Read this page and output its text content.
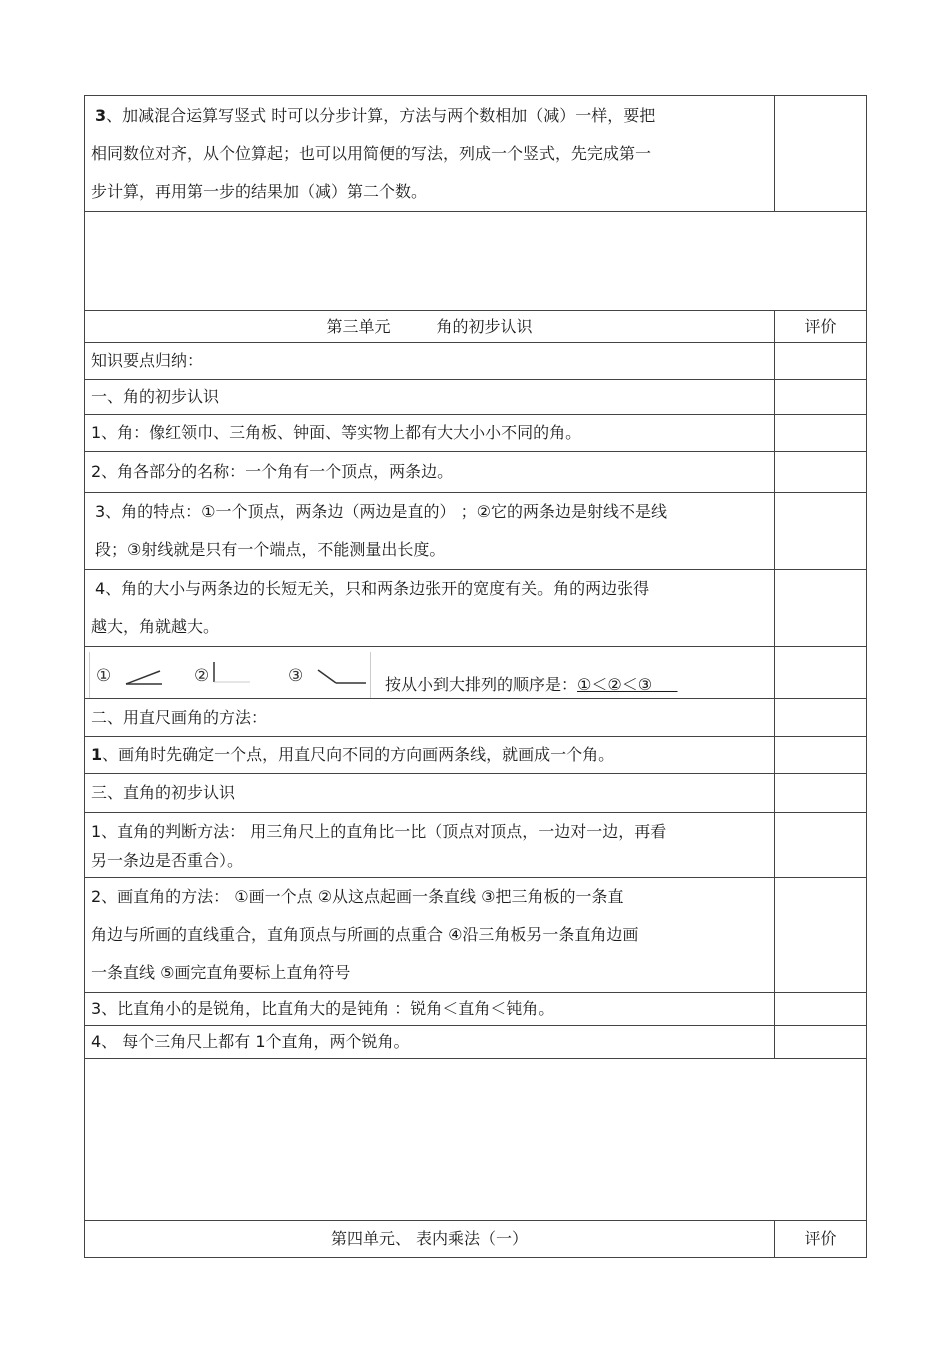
3、加减混合运算写竖式 时可以分步计算，方法与两个数相加（减）一样，要把
相同数位对齐，从个位算起；也可以用简便的写法，列成一个竖式，先完成第一
步计算，再用第一步的结果加（减）第二个数。	

第三单元 角的初步认识	评价
知识要点归纳：	
一、角的初步认识	
1、角：像红领巾、三角板、钟面、等实物上都有大大小小不同的角。	
2、角各部分的名称：一个角有一个顶点，两条边。	

3、角的特点：①一个顶点，两条边（两边是直的） ；②它的两条边是射线不是线
段；③射线就是只有一个端点，不能测量出长度。	

4、角的大小与两条边的长短无关，只和两条边张开的宽度有关。角的两边张得
越大，角就越大。	

① ② ③ 按从小到大排列的顺序是：①＜②＜③	

二、用直尺画角的方法：	
1、画角时先确定一个点，用直尺向不同的方向画两条线，就画成一个角。	
三、直角的初步认识	

1、直角的判断方法： 用三角尺上的直角比一比（顶点对顶点，一边对一边，再看
另一条边是否重合）。	

2、画直角的方法： ①画一个点 ②从这点起画一条直线 ③把三角板的一条直
角边与所画的直线重合，直角顶点与所画的点重合 ④沿三角板另一条直角边画
一条直线 ⑤画完直角要标上直角符号	

3、比直角小的是锐角，比直角大的是钝角 ：锐角＜直角＜钝角。	
4、 每个三角尺上都有 1个直角，两个锐角。	

第四单元、 表内乘法（一）	评价
